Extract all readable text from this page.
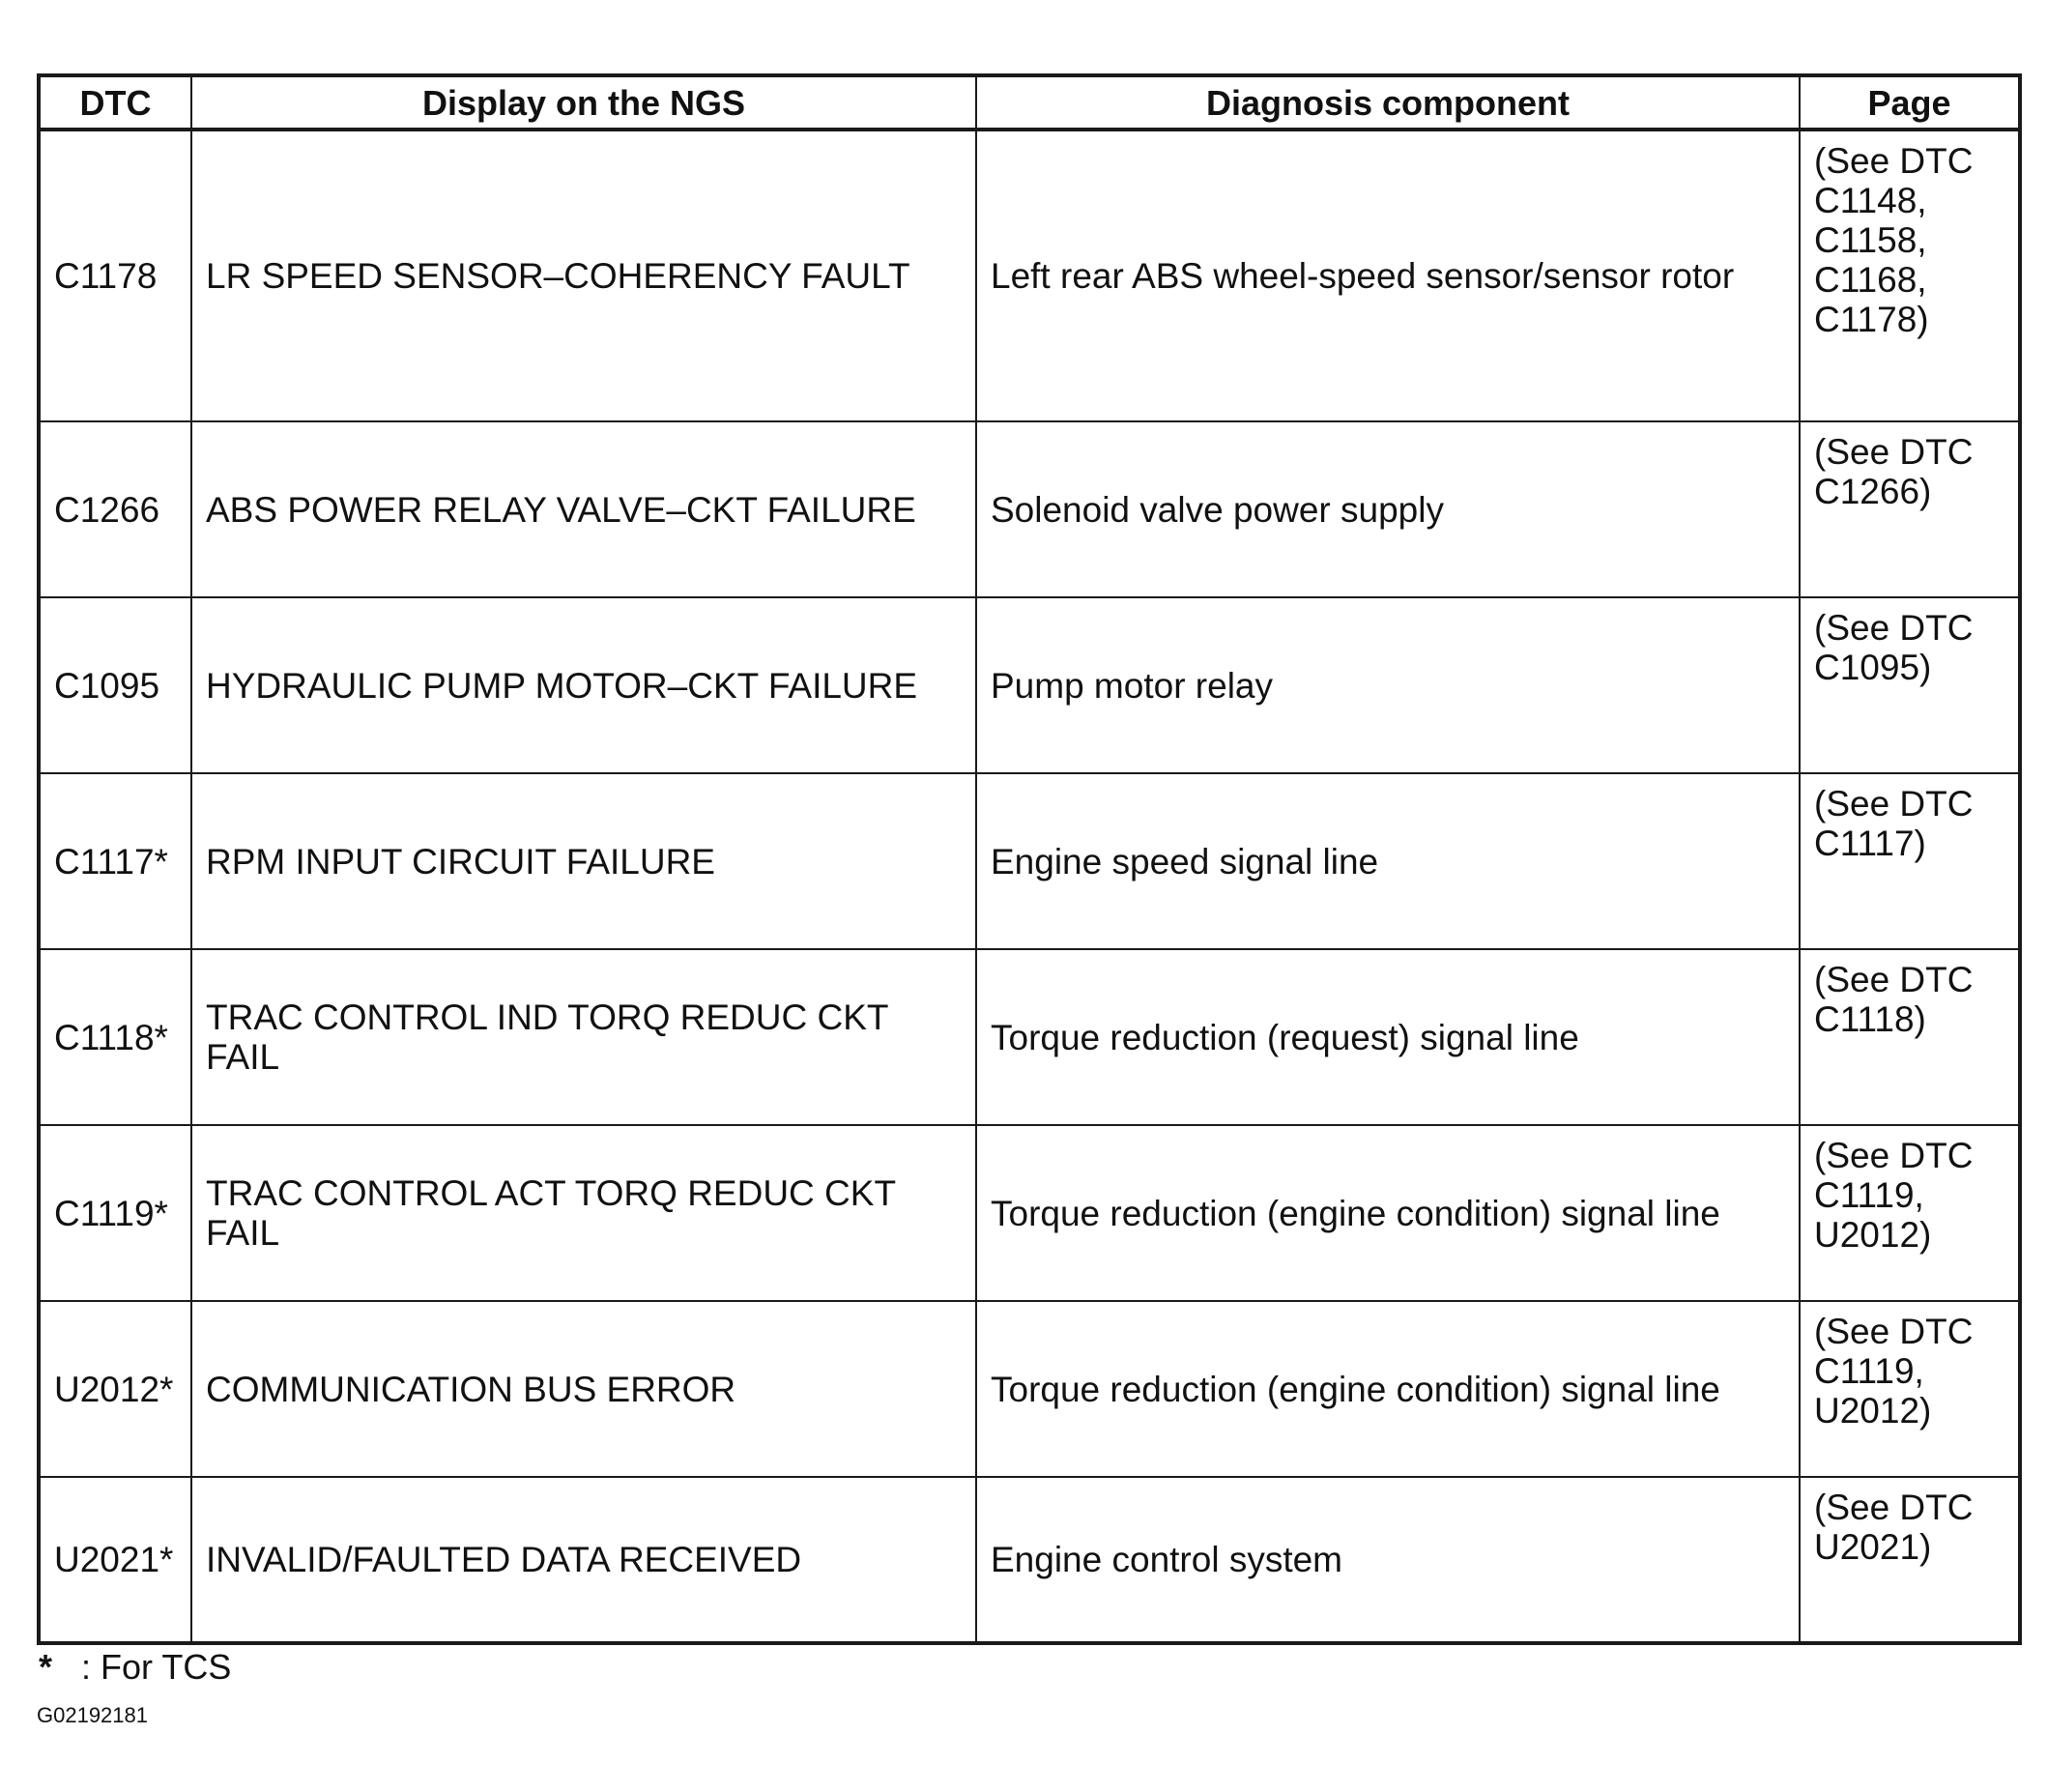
DTC	Display on the NGS	Diagnosis component	Page
C1178	LR SPEED SENSOR–COHERENCY FAULT	Left rear ABS wheel-speed sensor/sensor rotor	(See DTC
C1148,
C1158,
C1168,
C1178)
C1266	ABS POWER RELAY VALVE–CKT FAILURE	Solenoid valve power supply	(See DTC
C1266)
C1095	HYDRAULIC PUMP MOTOR–CKT FAILURE	Pump motor relay	(See DTC
C1095)
C1117*	RPM INPUT CIRCUIT FAILURE	Engine speed signal line	(See DTC
C1117)
C1118*	TRAC CONTROL IND TORQ REDUC CKT FAIL	Torque reduction (request) signal line	(See DTC
C1118)
C1119*	TRAC CONTROL ACT TORQ REDUC CKT FAIL	Torque reduction (engine condition) signal line	(See DTC
C1119,
U2012)
U2012*	COMMUNICATION BUS ERROR	Torque reduction (engine condition) signal line	(See DTC
C1119,
U2012)
U2021*	INVALID/FAULTED DATA RECEIVED	Engine control system	(See DTC
U2021)
* : For TCS
G02192181
